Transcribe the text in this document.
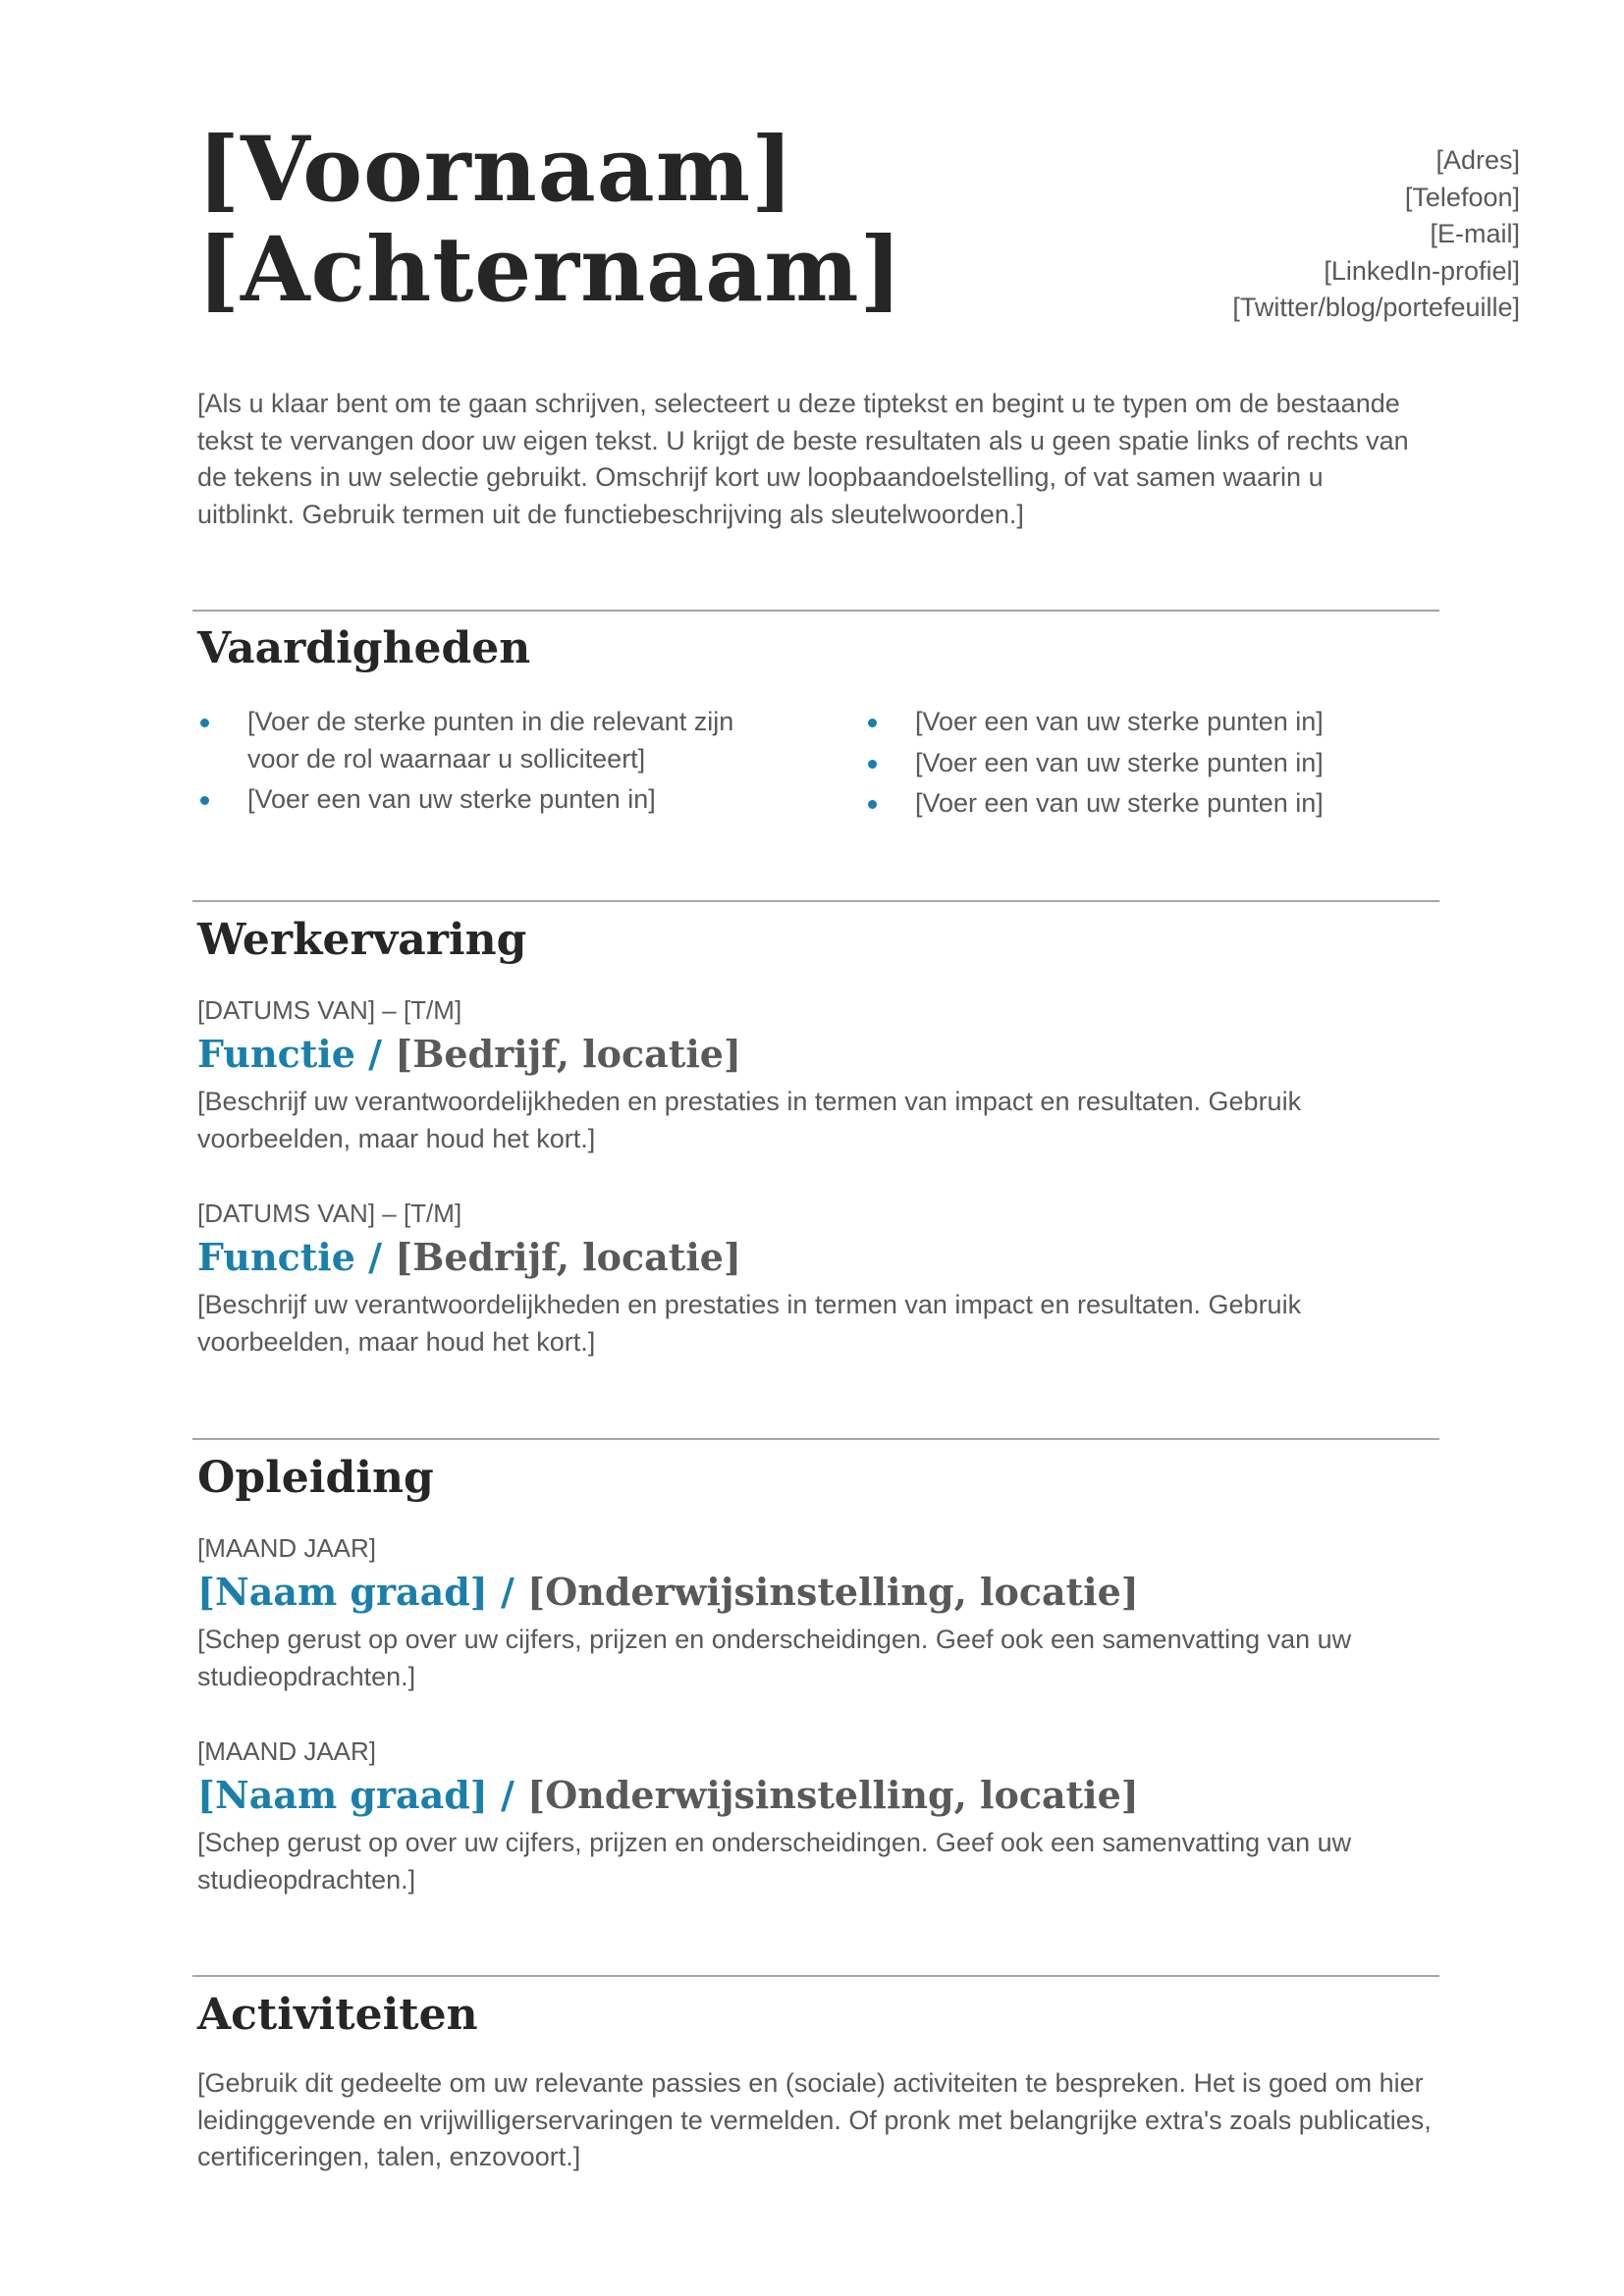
[Voornaam]
[Achternaam]
[Adres]
[Telefoon]
[E-mail]
[LinkedIn-profiel]
[Twitter/blog/portefeuille]
[Als u klaar bent om te gaan schrijven, selecteert u deze tiptekst en begint u te typen om de bestaande tekst te vervangen door uw eigen tekst. U krijgt de beste resultaten als u geen spatie links of rechts van de tekens in uw selectie gebruikt. Omschrijf kort uw loopbaandoelstelling, of vat samen waarin u uitblinkt. Gebruik termen uit de functiebeschrijving als sleutelwoorden.]
Vaardigheden
[Voer de sterke punten in die relevant zijn voor de rol waarnaar u solliciteert]
[Voer een van uw sterke punten in]
[Voer een van uw sterke punten in]
[Voer een van uw sterke punten in]
[Voer een van uw sterke punten in]
Werkervaring
[DATUMS VAN] – [T/M]
Functie / [Bedrijf, locatie]
[Beschrijf uw verantwoordelijkheden en prestaties in termen van impact en resultaten. Gebruik voorbeelden, maar houd het kort.]
[DATUMS VAN] – [T/M]
Functie / [Bedrijf, locatie]
[Beschrijf uw verantwoordelijkheden en prestaties in termen van impact en resultaten. Gebruik voorbeelden, maar houd het kort.]
Opleiding
[MAAND JAAR]
[Naam graad] / [Onderwijsinstelling, locatie]
[Schep gerust op over uw cijfers, prijzen en onderscheidingen. Geef ook een samenvatting van uw studieopdrachten.]
[MAAND JAAR]
[Naam graad] / [Onderwijsinstelling, locatie]
[Schep gerust op over uw cijfers, prijzen en onderscheidingen. Geef ook een samenvatting van uw studieopdrachten.]
Activiteiten
[Gebruik dit gedeelte om uw relevante passies en (sociale) activiteiten te bespreken. Het is goed om hier leidinggevende en vrijwilligerservaringen te vermelden. Of pronk met belangrijke extra's zoals publicaties, certificeringen, talen, enzovoort.]
